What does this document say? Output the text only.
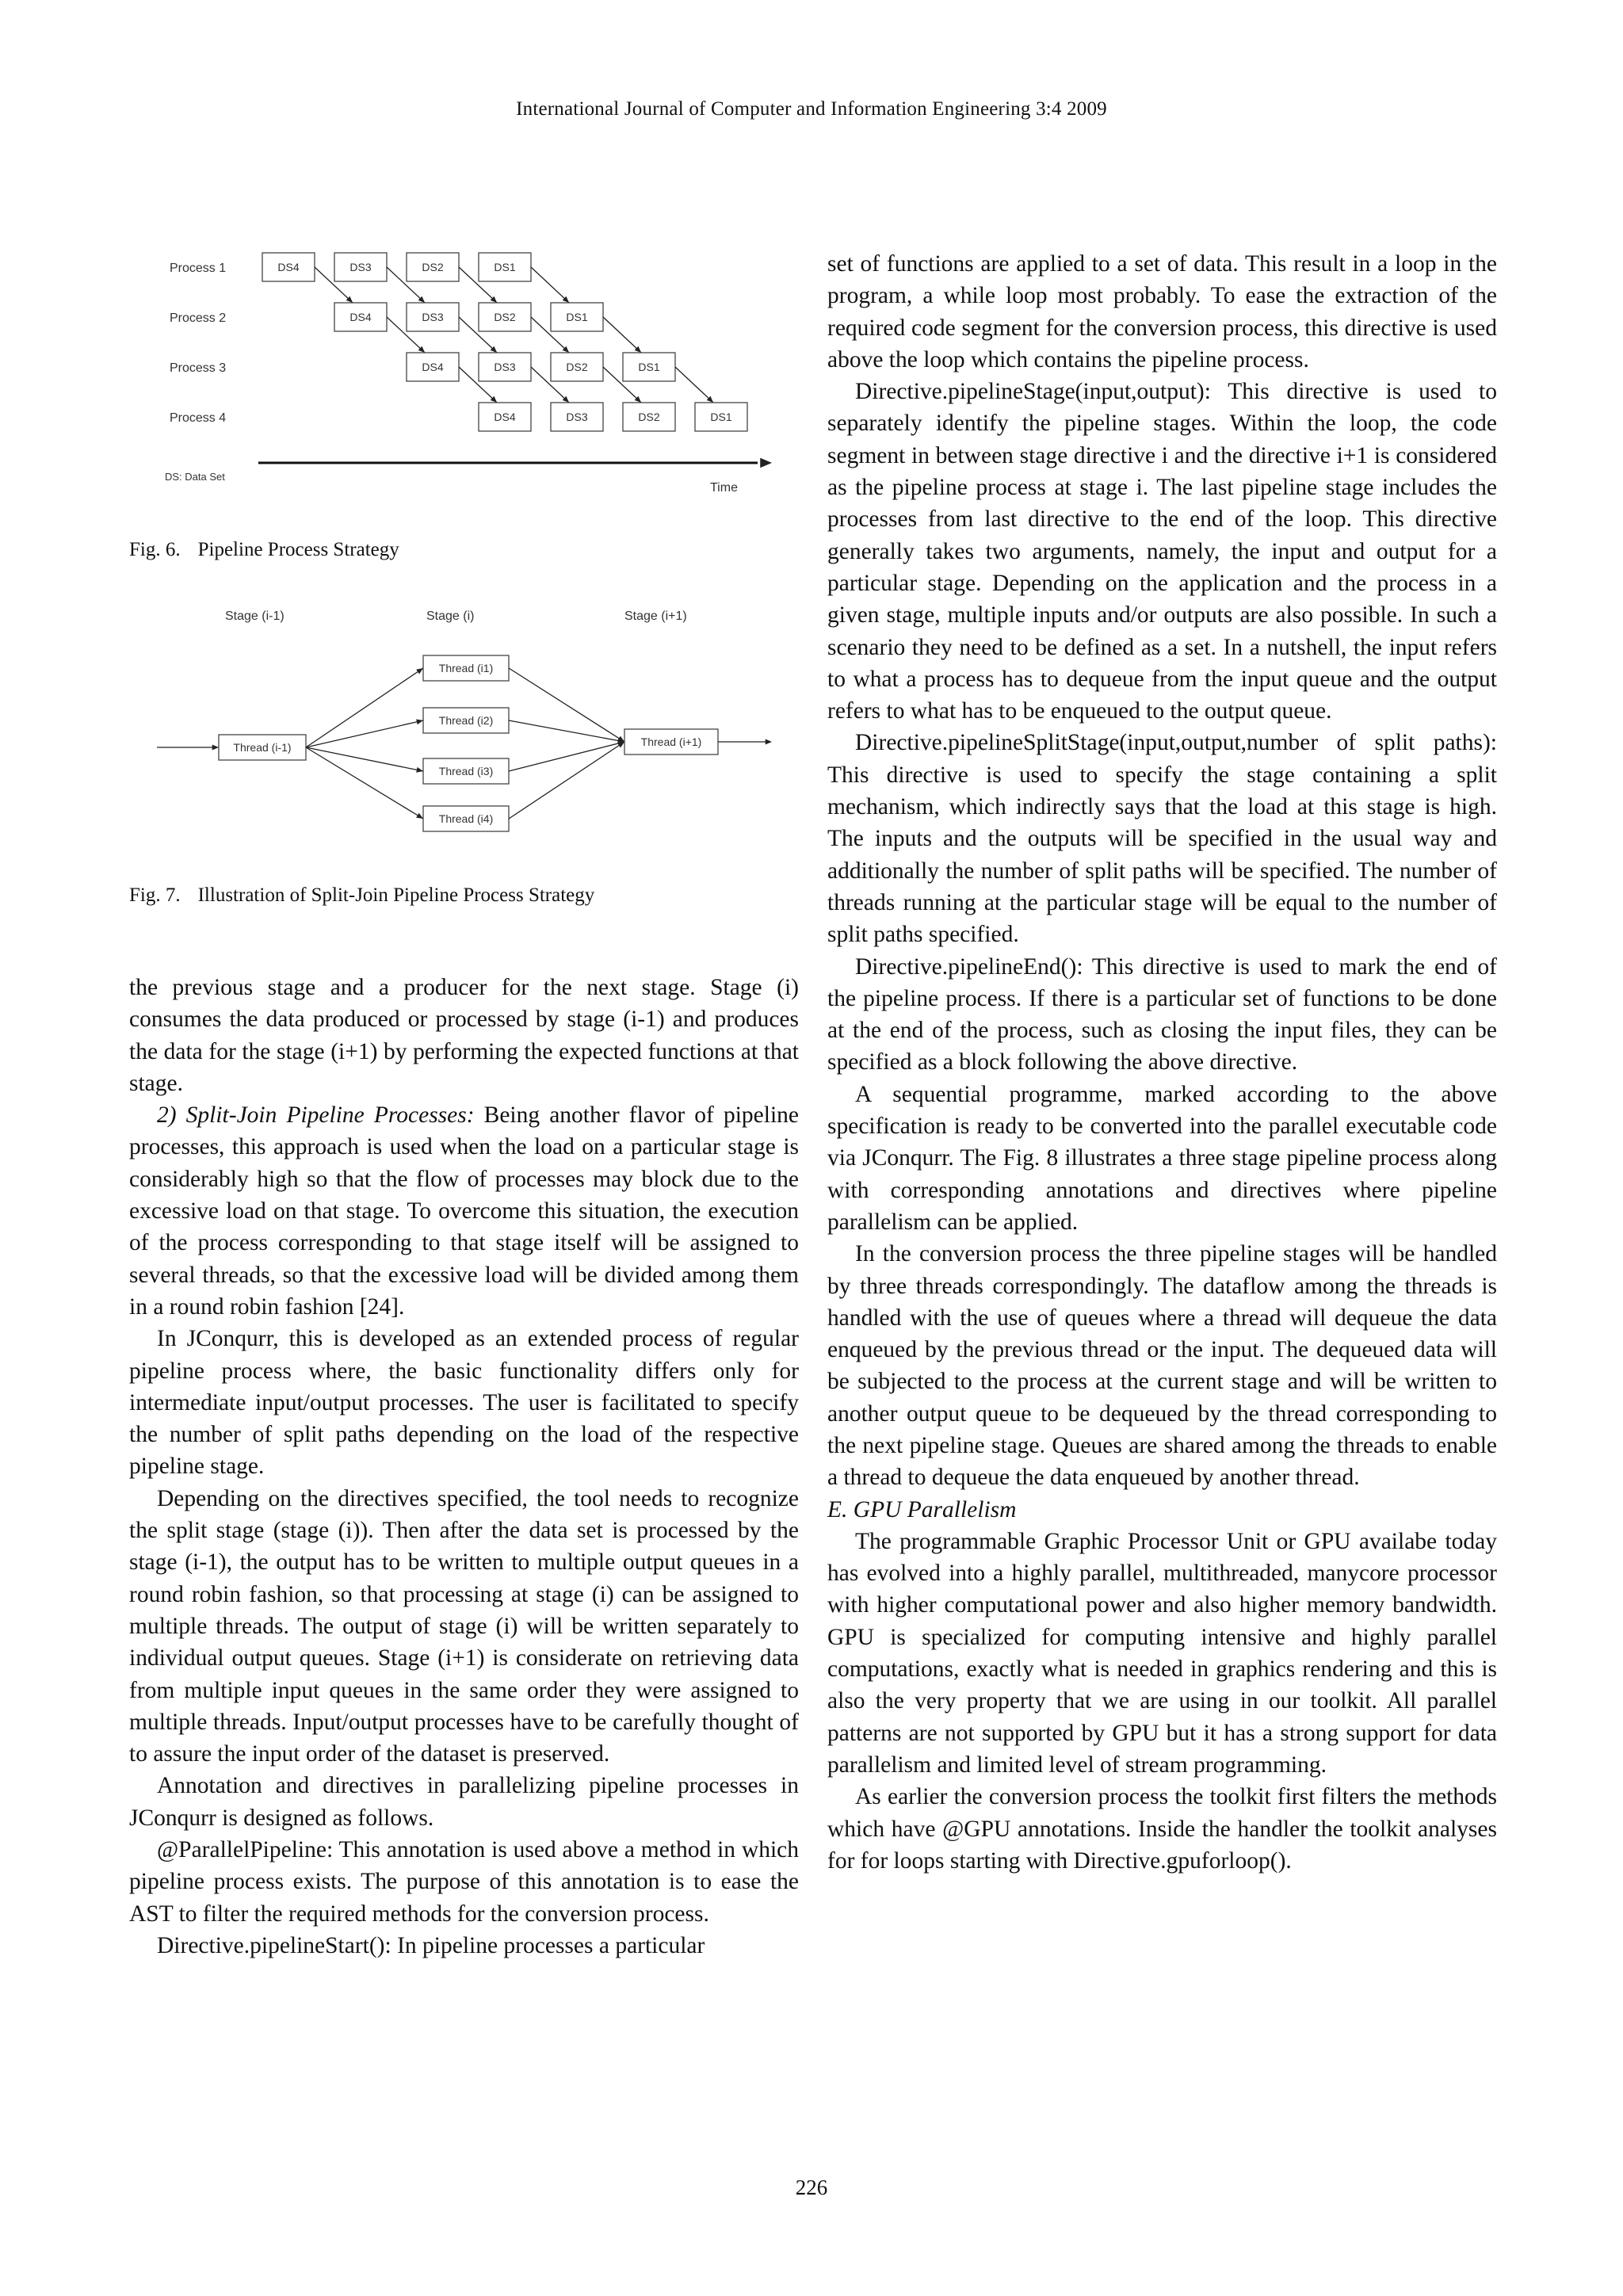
International Journal of Computer and Information Engineering 3:4 2009
Process 1	DS4	DS3	DS2	DS1
Process 2	DS4	DS3	DS2	DS1
Process 3	DS4	DS3	DS2	DS1
Process 4	DS4	DS3	DS2	DS1
DS: Data Set
Time
Fig. 6. Pipeline Process Strategy
Stage (i-1)	Stage (i)	Stage (i+1)
Thread (i-1)
Thread (i1)
Thread (i2)
Thread (i3)
Thread (i4)
Thread (i+1)
Fig. 7. Illustration of Split-Join Pipeline Process Strategy

the previous stage and a producer for the next stage. Stage (i) consumes the data produced or processed by stage (i-1) and produces the data for the stage (i+1) by performing the expected functions at that stage.

2) Split-Join Pipeline Processes: Being another flavor of pipeline processes, this approach is used when the load on a particular stage is considerably high so that the flow of processes may block due to the excessive load on that stage. To overcome this situation, the execution of the process corresponding to that stage itself will be assigned to several threads, so that the excessive load will be divided among them in a round robin fashion [24].

In JConqurr, this is developed as an extended process of regular pipeline process where, the basic functionality differs only for intermediate input/output processes. The user is facilitated to specify the number of split paths depending on the load of the respective pipeline stage.

Depending on the directives specified, the tool needs to recognize the split stage (stage (i)). Then after the data set is processed by the stage (i-1), the output has to be written to multiple output queues in a round robin fashion, so that processing at stage (i) can be assigned to multiple threads. The output of stage (i) will be written separately to individual output queues. Stage (i+1) is considerate on retrieving data from multiple input queues in the same order they were assigned to multiple threads. Input/output processes have to be carefully thought of to assure the input order of the dataset is preserved.

Annotation and directives in parallelizing pipeline processes in JConqurr is designed as follows.

@ParallelPipeline: This annotation is used above a method in which pipeline process exists. The purpose of this annotation is to ease the AST to filter the required methods for the conversion process.

Directive.pipelineStart(): In pipeline processes a particular

set of functions are applied to a set of data. This result in a loop in the program, a while loop most probably. To ease the extraction of the required code segment for the conversion process, this directive is used above the loop which contains the pipeline process.

Directive.pipelineStage(input,output): This directive is used to separately identify the pipeline stages. Within the loop, the code segment in between stage directive i and the directive i+1 is considered as the pipeline process at stage i. The last pipeline stage includes the processes from last directive to the end of the loop. This directive generally takes two arguments, namely, the input and output for a particular stage. Depending on the application and the process in a given stage, multiple inputs and/or outputs are also possible. In such a scenario they need to be defined as a set. In a nutshell, the input refers to what a process has to dequeue from the input queue and the output refers to what has to be enqueued to the output queue.

Directive.pipelineSplitStage(input,output,number of split paths): This directive is used to specify the stage containing a split mechanism, which indirectly says that the load at this stage is high. The inputs and the outputs will be specified in the usual way and additionally the number of split paths will be specified. The number of threads running at the particular stage will be equal to the number of split paths specified.

Directive.pipelineEnd(): This directive is used to mark the end of the pipeline process. If there is a particular set of functions to be done at the end of the process, such as closing the input files, they can be specified as a block following the above directive.

A sequential programme, marked according to the above specification is ready to be converted into the parallel executable code via JConqurr. The Fig. 8 illustrates a three stage pipeline process along with corresponding annotations and directives where pipeline parallelism can be applied.

In the conversion process the three pipeline stages will be handled by three threads correspondingly. The dataflow among the threads is handled with the use of queues where a thread will dequeue the data enqueued by the previous thread or the input. The dequeued data will be subjected to the process at the current stage and will be written to another output queue to be dequeued by the thread corresponding to the next pipeline stage. Queues are shared among the threads to enable a thread to dequeue the data enqueued by another thread.

E. GPU Parallelism

The programmable Graphic Processor Unit or GPU availabe today has evolved into a highly parallel, multithreaded, manycore processor with higher computational power and also higher memory bandwidth. GPU is specialized for computing intensive and highly parallel computations, exactly what is needed in graphics rendering and this is also the very property that we are using in our toolkit. All parallel patterns are not supported by GPU but it has a strong support for data parallelism and limited level of stream programming.

As earlier the conversion process the toolkit first filters the methods which have @GPU annotations. Inside the handler the toolkit analyses for for loops starting with Directive.gpuforloop().

226
